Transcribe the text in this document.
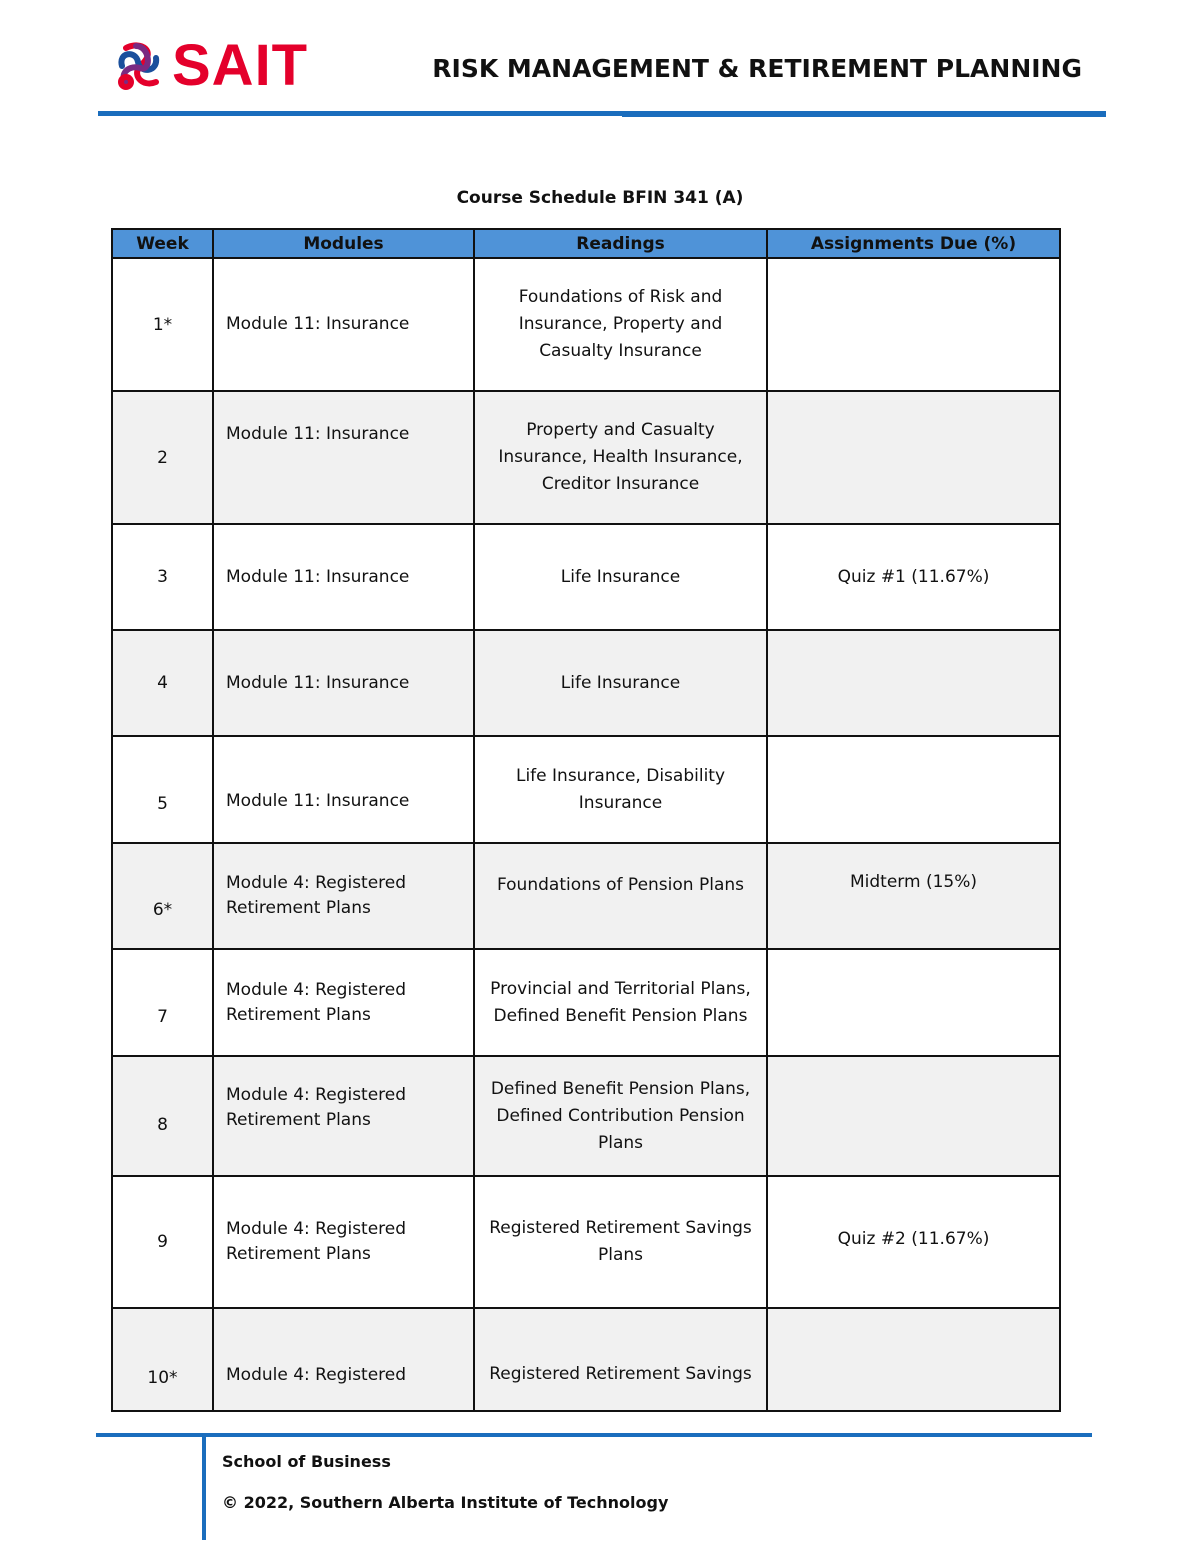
SAIT	RISK MANAGEMENT & RETIREMENT PLANNING
Course Schedule BFIN 341 (A)
Week	Modules	Readings	Assignments Due (%)
1*	Module 11: Insurance	Foundations of Risk and Insurance, Property and Casualty Insurance	
2	Module 11: Insurance	Property and Casualty Insurance, Health Insurance, Creditor Insurance	
3	Module 11: Insurance	Life Insurance	Quiz #1 (11.67%)
4	Module 11: Insurance	Life Insurance	
5	Module 11: Insurance	Life Insurance, Disability Insurance	
6*	Module 4: Registered Retirement Plans	Foundations of Pension Plans	Midterm (15%)
7	Module 4: Registered Retirement Plans	Provincial and Territorial Plans, Defined Benefit Pension Plans	
8	Module 4: Registered Retirement Plans	Defined Benefit Pension Plans, Defined Contribution Pension Plans	
9	Module 4: Registered Retirement Plans	Registered Retirement Savings Plans	Quiz #2 (11.67%)
10*	Module 4: Registered	Registered Retirement Savings	
School of Business
© 2022, Southern Alberta Institute of Technology
